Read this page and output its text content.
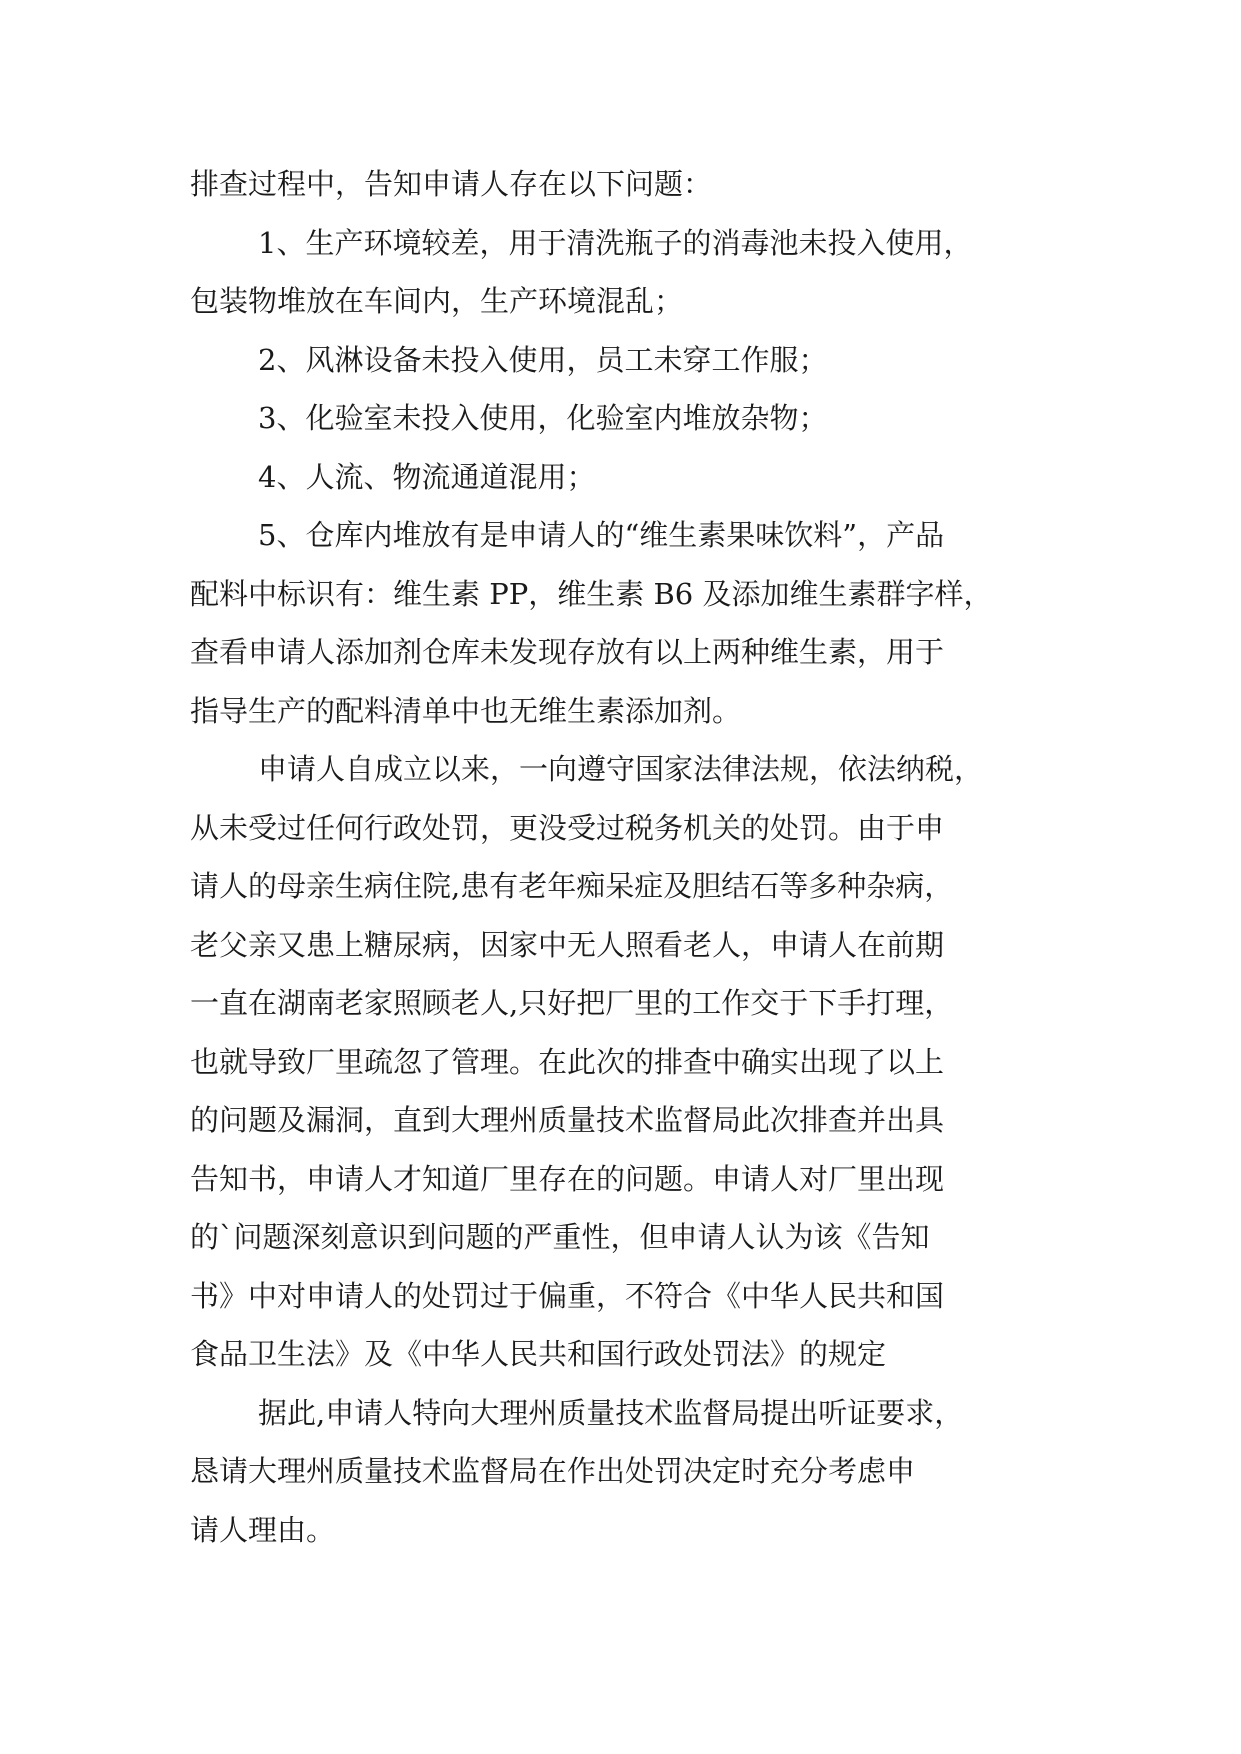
排查过程中，告知申请人存在以下问题：
1、生产环境较差，用于清洗瓶子的消毒池未投入使用，
包装物堆放在车间内，生产环境混乱；
2、风淋设备未投入使用，员工未穿工作服；
3、化验室未投入使用，化验室内堆放杂物；
4、人流、物流通道混用；
5、仓库内堆放有是申请人的“维生素果味饮料”，产品
配料中标识有：维生素 PP，维生素 B6 及添加维生素群字样，
查看申请人添加剂仓库未发现存放有以上两种维生素，用于
指导生产的配料清单中也无维生素添加剂。
申请人自成立以来，一向遵守国家法律法规，依法纳税，
从未受过任何行政处罚，更没受过税务机关的处罚。由于申
请人的母亲生病住院,患有老年痴呆症及胆结石等多种杂病，
老父亲又患上糖尿病，因家中无人照看老人，申请人在前期
一直在湖南老家照顾老人,只好把厂里的工作交于下手打理，
也就导致厂里疏忽了管理。在此次的排查中确实出现了以上
的问题及漏洞，直到大理州质量技术监督局此次排查并出具
告知书，申请人才知道厂里存在的问题。申请人对厂里出现
的`问题深刻意识到问题的严重性，但申请人认为该《告知
书》中对申请人的处罚过于偏重，不符合《中华人民共和国
食品卫生法》及《中华人民共和国行政处罚法》的规定
据此,申请人特向大理州质量技术监督局提出听证要求，
恳请大理州质量技术监督局在作出处罚决定时充分考虑申
请人理由。
